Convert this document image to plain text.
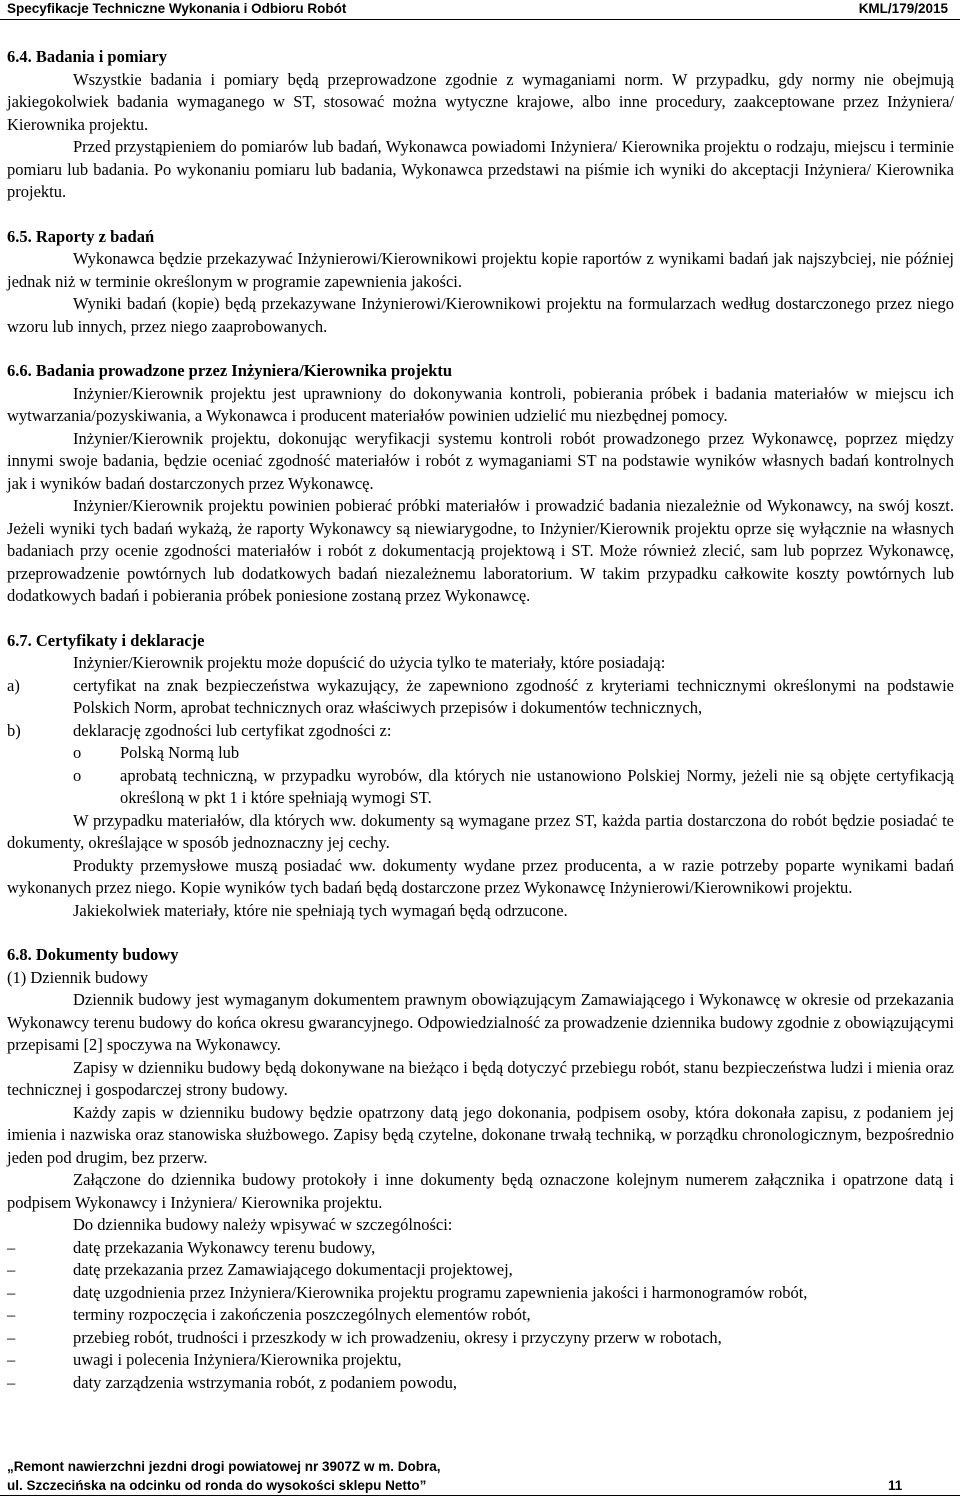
Specyfikacje Techniczne Wykonania i Odbioru Robót	KML/179/2015

6.4. Badania i pomiary

Wszystkie badania i pomiary będą przeprowadzone zgodnie z wymaganiami norm. W przypadku, gdy normy nie obejmują jakiegokolwiek badania wymaganego w ST, stosować można wytyczne krajowe, albo inne procedury, zaakceptowane przez Inżyniera/ Kierownika projektu.

Przed przystąpieniem do pomiarów lub badań, Wykonawca powiadomi Inżyniera/ Kierownika projektu o rodzaju, miejscu i terminie pomiaru lub badania. Po wykonaniu pomiaru lub badania, Wykonawca przedstawi na piśmie ich wyniki do akceptacji Inżyniera/ Kierownika projektu.

6.5. Raporty z badań

Wykonawca będzie przekazywać Inżynierowi/Kierownikowi projektu kopie raportów z wynikami badań jak najszybciej, nie później jednak niż w terminie określonym w programie zapewnienia jakości.

Wyniki badań (kopie) będą przekazywane Inżynierowi/Kierownikowi projektu na formularzach według dostarczonego przez niego wzoru lub innych, przez niego zaaprobowanych.

6.6. Badania prowadzone przez Inżyniera/Kierownika projektu

Inżynier/Kierownik projektu jest uprawniony do dokonywania kontroli, pobierania próbek i badania materiałów w miejscu ich wytwarzania/pozyskiwania, a Wykonawca i producent materiałów powinien udzielić mu niezbędnej pomocy.

Inżynier/Kierownik projektu, dokonując weryfikacji systemu kontroli robót prowadzonego przez Wykonawcę, poprzez między innymi swoje badania, będzie oceniać zgodność materiałów i robót z wymaganiami ST na podstawie wyników własnych badań kontrolnych jak i wyników badań dostarczonych przez Wykonawcę.

Inżynier/Kierownik projektu powinien pobierać próbki materiałów i prowadzić badania niezależnie od Wykonawcy, na swój koszt. Jeżeli wyniki tych badań wykażą, że raporty Wykonawcy są niewiarygodne, to Inżynier/Kierownik projektu oprze się wyłącznie na własnych badaniach przy ocenie zgodności materiałów i robót z dokumentacją projektową i ST. Może również zlecić, sam lub poprzez Wykonawcę, przeprowadzenie powtórnych lub dodatkowych badań niezależnemu laboratorium. W takim przypadku całkowite koszty powtórnych lub dodatkowych badań i pobierania próbek poniesione zostaną przez Wykonawcę.

6.7. Certyfikaty i deklaracje

Inżynier/Kierownik projektu może dopuścić do użycia tylko te materiały, które posiadają:

a)	certyfikat na znak bezpieczeństwa wykazujący, że zapewniono zgodność z kryteriami technicznymi określonymi na podstawie Polskich Norm, aprobat technicznych oraz właściwych przepisów i dokumentów technicznych,
b)	deklarację zgodności lub certyfikat zgodności z:
o Polską Normą lub
o aprobatą techniczną, w przypadku wyrobów, dla których nie ustanowiono Polskiej Normy, jeżeli nie są objęte certyfikacją określoną w pkt 1 i które spełniają wymogi ST.

W przypadku materiałów, dla których ww. dokumenty są wymagane przez ST, każda partia dostarczona do robót będzie posiadać te dokumenty, określające w sposób jednoznaczny jej cechy.

Produkty przemysłowe muszą posiadać ww. dokumenty wydane przez producenta, a w razie potrzeby poparte wynikami badań wykonanych przez niego. Kopie wyników tych badań będą dostarczone przez Wykonawcę Inżynierowi/Kierownikowi projektu.

Jakiekolwiek materiały, które nie spełniają tych wymagań będą odrzucone.

6.8. Dokumenty budowy

(1) Dziennik budowy

Dziennik budowy jest wymaganym dokumentem prawnym obowiązującym Zamawiającego i Wykonawcę w okresie od przekazania Wykonawcy terenu budowy do końca okresu gwarancyjnego. Odpowiedzialność za prowadzenie dziennika budowy zgodnie z obowiązującymi przepisami [2] spoczywa na Wykonawcy.

Zapisy w dzienniku budowy będą dokonywane na bieżąco i będą dotyczyć przebiegu robót, stanu bezpieczeństwa ludzi i mienia oraz technicznej i gospodarczej strony budowy.

Każdy zapis w dzienniku budowy będzie opatrzony datą jego dokonania, podpisem osoby, która dokonała zapisu, z podaniem jej imienia i nazwiska oraz stanowiska służbowego. Zapisy będą czytelne, dokonane trwałą techniką, w porządku chronologicznym, bezpośrednio jeden pod drugim, bez przerw.

Załączone do dziennika budowy protokoły i inne dokumenty będą oznaczone kolejnym numerem załącznika i opatrzone datą i podpisem Wykonawcy i Inżyniera/ Kierownika projektu.

Do dziennika budowy należy wpisywać w szczególności:

–	datę przekazania Wykonawcy terenu budowy,
–	datę przekazania przez Zamawiającego dokumentacji projektowej,
–	datę uzgodnienia przez Inżyniera/Kierownika projektu programu zapewnienia jakości i harmonogramów robót,
–	terminy rozpoczęcia i zakończenia poszczególnych elementów robót,
–	przebieg robót, trudności i przeszkody w ich prowadzeniu, okresy i przyczyny przerw w robotach,
–	uwagi i polecenia Inżyniera/Kierownika projektu,
–	daty zarządzenia wstrzymania robót, z podaniem powodu,
„Remont nawierzchni jezdni drogi powiatowej nr 3907Z w m. Dobra,
ul. Szczecińska na odcinku od ronda do wysokości sklepu Netto”	11
